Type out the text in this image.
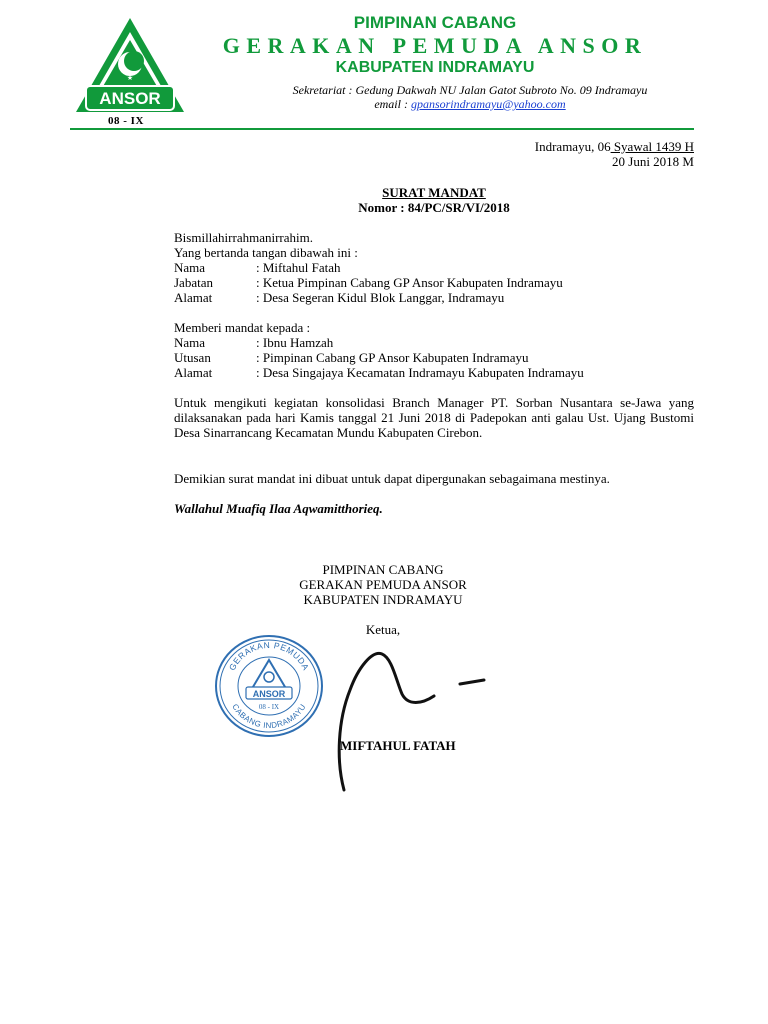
★
ANSOR
08 - IX
PIMPINAN CABANG
GERAKAN PEMUDA ANSOR
KABUPATEN INDRAMAYU
Sekretariat : Gedung Dakwah NU Jalan Gatot Subroto No. 09 Indramayu
email : gpansorindramayu@yahoo.com
Indramayu, 06 Syawal 1439 H
20 Juni 2018 M
SURAT MANDAT
Nomor : 84/PC/SR/VI/2018
Bismillahirrahmanirrahim.
Yang bertanda tangan dibawah ini :
Nama	: Miftahul Fatah
Jabatan	: Ketua Pimpinan Cabang GP Ansor Kabupaten Indramayu
Alamat	: Desa Segeran Kidul Blok Langgar, Indramayu
Memberi mandat kepada :
Nama	: Ibnu Hamzah
Utusan	: Pimpinan Cabang GP Ansor Kabupaten Indramayu
Alamat	: Desa Singajaya Kecamatan Indramayu Kabupaten Indramayu
Untuk mengikuti kegiatan konsolidasi Branch Manager PT. Sorban Nusantara se-Jawa yang dilaksanakan pada hari Kamis tanggal 21 Juni 2018 di Padepokan anti galau Ust. Ujang Bustomi Desa Sinarrancang Kecamatan Mundu Kabupaten Cirebon.
Demikian surat mandat ini dibuat untuk dapat dipergunakan sebagaimana mestinya.
Wallahul Muafiq Ilaa Aqwamitthorieq.
PIMPINAN CABANG
GERAKAN PEMUDA ANSOR
KABUPATEN INDRAMAYU
Ketua,
GERAKAN PEMUDA
CABANG INDRAMAYU
ANSOR
08 - IX
MIFTAHUL FATAH
